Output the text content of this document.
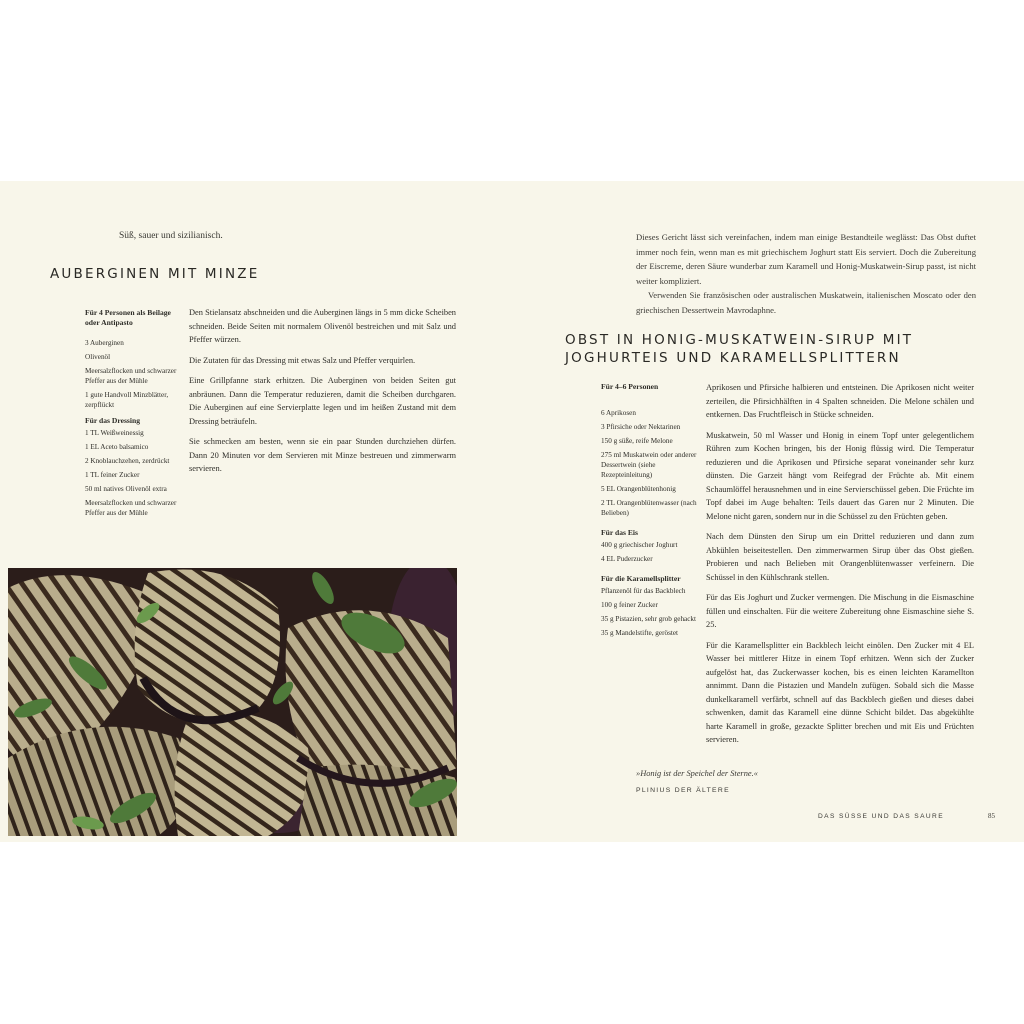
Süß, sauer und sizilianisch.
AUBERGINEN MIT MINZE
Für 4 Personen als Beilage oder Antipasto

3 Auberginen

Olivenöl

Meersalzflocken und schwarzer Pfeffer aus der Mühle

1 gute Handvoll Minzblätter, zerpflückt

Für das Dressing

1 TL Weißweinessig

1 EL Aceto balsamico

2 Knoblauchzehen, zerdrückt

1 TL feiner Zucker

50 ml natives Olivenöl extra

Meersalzflocken und schwarzer Pfeffer aus der Mühle

Den Stielansatz abschneiden und die Auberginen längs in 5 mm dicke Scheiben schneiden. Beide Seiten mit normalem Olivenöl bestreichen und mit Salz und Pfeffer würzen.

Die Zutaten für das Dressing mit etwas Salz und Pfeffer verquirlen.

Eine Grillpfanne stark erhitzen. Die Auberginen von beiden Seiten gut anbräunen. Dann die Temperatur reduzieren, damit die Scheiben durchgaren. Die Auberginen auf eine Servierplatte legen und im heißen Zustand mit dem Dressing beträufeln.

Sie schmecken am besten, wenn sie ein paar Stunden durchziehen dürfen. Dann 20 Minuten vor dem Servieren mit Minze bestreuen und zimmerwarm servieren.

Dieses Gericht lässt sich vereinfachen, indem man einige Bestandteile weglässt: Das Obst duftet immer noch fein, wenn man es mit griechischem Joghurt statt Eis serviert. Doch die Zubereitung der Eiscreme, deren Säure wunderbar zum Karamell und Honig-Muskatwein-Sirup passt, ist nicht weiter kompliziert.

Verwenden Sie französischen oder australischen Muskatwein, italienischen Moscato oder den griechischen Dessertwein Mavrodaphne.

OBST IN HONIG-MUSKATWEIN-SIRUP MIT
JOGHURTEIS UND KARAMELLSPLITTERN
Für 4–6 Personen

6 Aprikosen

3 Pfirsiche oder Nektarinen

150 g süße, reife Melone

275 ml Muskatwein oder anderer Dessertwein (siehe Rezepteinleitung)

5 EL Orangenblütenhonig

2 TL Orangenblütenwasser (nach Belieben)

Für das Eis

400 g griechischer Joghurt

4 EL Puderzucker

Für die Karamellsplitter

Pflanzenöl für das Backblech

100 g feiner Zucker

35 g Pistazien, sehr grob gehackt

35 g Mandelstifte, geröstet

Aprikosen und Pfirsiche halbieren und entsteinen. Die Aprikosen nicht weiter zerteilen, die Pfirsichhälften in 4 Spalten schneiden. Die Melone schälen und entkernen. Das Fruchtfleisch in Stücke schneiden.

Muskatwein, 50 ml Wasser und Honig in einem Topf unter gelegentlichem Rühren zum Kochen bringen, bis der Honig flüssig wird. Die Temperatur reduzieren und die Aprikosen und Pfirsiche separat voneinander sehr kurz dünsten. Die Garzeit hängt vom Reifegrad der Früchte ab. Mit einem Schaumlöffel herausnehmen und in eine Servierschüssel geben. Die Früchte im Topf dabei im Auge behalten: Teils dauert das Garen nur 2 Minuten. Die Melone nicht garen, sondern nur in die Schüssel zu den Früchten geben.

Nach dem Dünsten den Sirup um ein Drittel reduzieren und dann zum Abkühlen beiseitestellen. Den zimmerwarmen Sirup über das Obst gießen. Probieren und nach Belieben mit Orangenblütenwasser verfeinern. Die Schüssel in den Kühlschrank stellen.

Für das Eis Joghurt und Zucker vermengen. Die Mischung in die Eismaschine füllen und einschalten. Für die weitere Zubereitung ohne Eismaschine siehe S. 25.

Für die Karamellsplitter ein Backblech leicht einölen. Den Zucker mit 4 EL Wasser bei mittlerer Hitze in einem Topf erhitzen. Wenn sich der Zucker aufgelöst hat, das Zuckerwasser kochen, bis es einen leichten Karamellton annimmt. Dann die Pistazien und Mandeln zufügen. Sobald sich die Masse dunkelkaramell verfärbt, schnell auf das Backblech gießen und dieses dabei schwenken, damit das Karamell eine dünne Schicht bildet. Das abgekühlte harte Karamell in große, gezackte Splitter brechen und mit Eis und Früchten servieren.

»Honig ist der Speichel der Sterne.«
PLINIUS DER ÄLTERE
DAS SÜSSE UND DAS SAURE	85
